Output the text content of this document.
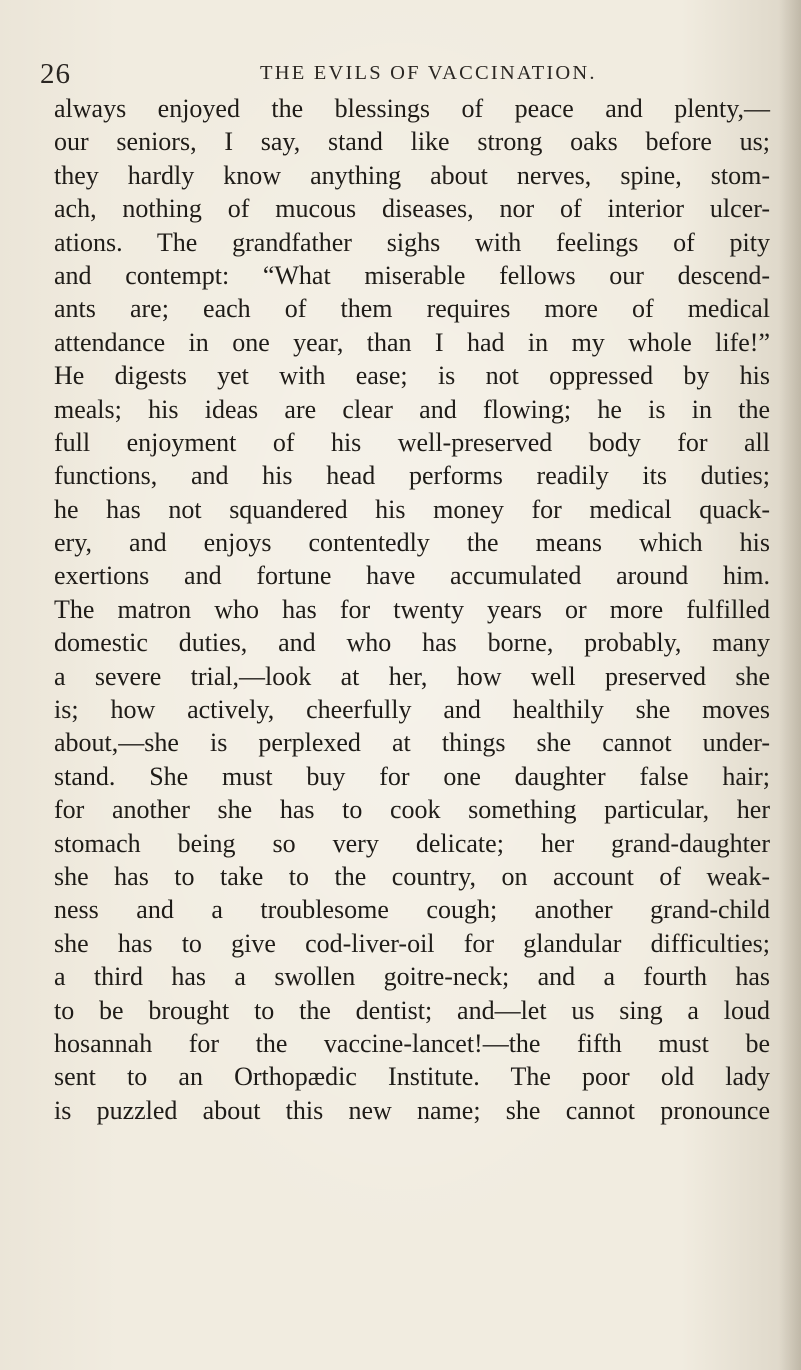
26	THE EVILS OF VACCINATION.
always enjoyed the blessings of peace and plenty,—
our seniors, I say, stand like strong oaks before us;
they hardly know anything about nerves, spine, stom-
ach, nothing of mucous diseases, nor of interior ulcer-
ations. The grandfather sighs with feelings of pity
and contempt: “What miserable fellows our descend-
ants are; each of them requires more of medical
attendance in one year, than I had in my whole life!”
He digests yet with ease; is not oppressed by his
meals; his ideas are clear and flowing; he is in the
full enjoyment of his well-preserved body for all
functions, and his head performs readily its duties;
he has not squandered his money for medical quack-
ery, and enjoys contentedly the means which his
exertions and fortune have accumulated around him.
The matron who has for twenty years or more fulfilled
domestic duties, and who has borne, probably, many
a severe trial,—look at her, how well preserved she
is; how actively, cheerfully and healthily she moves
about,—she is perplexed at things she cannot under-
stand. She must buy for one daughter false hair;
for another she has to cook something particular, her
stomach being so very delicate; her grand-daughter
she has to take to the country, on account of weak-
ness and a troublesome cough; another grand-child
she has to give cod-liver-oil for glandular difficulties;
a third has a swollen goitre-neck; and a fourth has
to be brought to the dentist; and—let us sing a loud
hosannah for the vaccine-lancet!—the fifth must be
sent to an Orthopædic Institute. The poor old lady
is puzzled about this new name; she cannot pronounce
